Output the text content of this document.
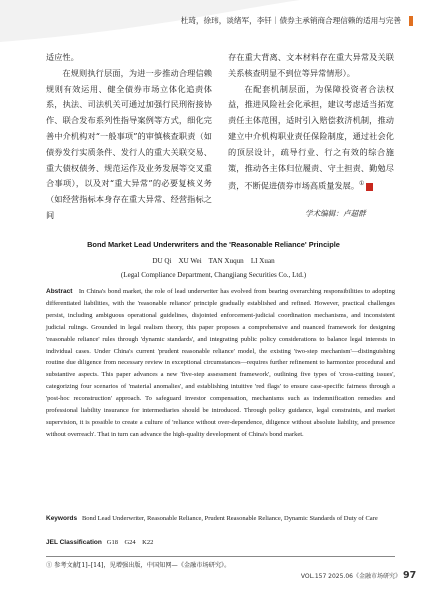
杜琦，徐玮，谈绪军，李钎｜债券主承销商合理信赖的适用与完善

适应性。

在规则执行层面，为进一步推动合理信赖规则有效运用、健全债券市场立体化追责体系，执法、司法机关可通过加强行民刑衔接协作、联合发布系列性指导案例等方式，细化完善中介机构对“一般事项”的审慎核查职责（如债券发行实质条件、发行人的重大关联交易、重大债权债务、规范运作及业务发展等交叉重合事项），以及对“重大异常”的必要复核义务（如经营指标本身存在重大异常、经营指标之间

存在重大背离、文本材料存在重大异常及关联关系核查明显不到位等异常情形）。

在配套机制层面，为保障投资者合法权益，推进风险社会化承担，建议考虑适当拓宽责任主体范围，适时引入赔偿救济机制，推动建立中介机构职业责任保险制度，通过社会化的顶层设计，疏导行业、行之有效的综合施策，推动各主体归位履责、守土担责、勤勉尽责，不断促进债券市场高质量发展。①	N

学术编辑：卢超群
Bond Market Lead Underwriters and the 'Reasonable Reliance' Principle
DU Qi    XU Wei    TAN Xuqun    LI Xuan
(Legal Compliance Department, Changjiang Securities Co., Ltd.)
Abstract In China's bond market, the role of lead underwriter has evolved from bearing overarching responsibilities to adopting differentiated liabilities, with the 'reasonable reliance' principle gradually established and refined. However, practical challenges persist, including ambiguous operational guidelines, disjointed enforcement-judicial coordination mechanisms, and inconsistent judicial rulings. Grounded in legal realism theory, this paper proposes a comprehensive and nuanced framework for designing 'reasonable reliance' rules through 'dynamic standards', and integrating public policy considerations to balance legal interests in individual cases. Under China's current 'prudent reasonable reliance' model, the existing 'two-step mechanism'—distinguishing routine due diligence from necessary review in exceptional circumstances—requires further refinement to harmonize procedural and substantive aspects. This paper advances a new 'five-step assessment framework', outlining five types of 'cross-cutting issues', categorizing four scenarios of 'material anomalies', and establishing intuitive 'red flags' to ensure case-specific fairness through a 'post-hoc reconstruction' approach. To safeguard investor compensation, mechanisms such as indemnification remedies and professional liability insurance for intermediaries should be introduced. Through policy guidance, legal constraints, and market supervision, it is possible to create a culture of 'reliance without over-dependence, diligence without absolute liability, and presence without overreach'. That in turn can advance the high-quality development of China's bond market.
Keywords Bond Lead Underwriter, Reasonable Reliance, Prudent Reasonable Reliance, Dynamic Standards of Duty of Care
JEL Classification G18    G24    K22
① 参考文献[1]–[14]，见增强出版，中国知网—《金融市场研究》。
VOL.157 2025.06《金融市场研究》 97
